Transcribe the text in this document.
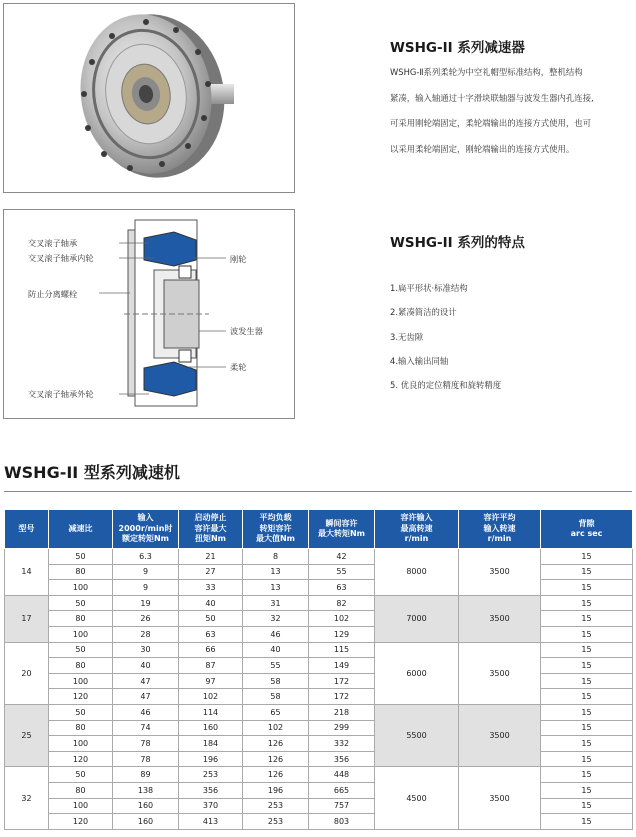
WSHG-II 系列减速器
WSHG-Ⅱ系列柔轮为中空礼帽型标准结构，整机结构
紧凑，输入轴通过十字滑块联轴器与波发生器内孔连接,
可采用刚轮端固定，柔轮端输出的连接方式使用，也可
以采用柔轮端固定，刚轮端输出的连接方式使用。
交叉滚子轴承
交叉滚子轴承内轮
防止分离螺栓
交叉滚子轴承外轮
刚轮
波发生器
柔轮
WSHG-II 系列的特点
1.扁平形状·标准结构
2.紧凑简洁的设计
3.无齿隙
4.输入输出同轴
5. 优良的定位精度和旋转精度
WSHG-II 型系列减速机
型号	减速比	输入
2000r/min时
额定转矩Nm	启动停止
容许最大
扭矩Nm	平均负载
转矩容许
最大值Nm	瞬间容许
最大转矩Nm	容许输入
最高转速
r/min	容许平均
输入转速
r/min	背隙
arc sec
14	50	6.3	21	8	42	8000	3500	15
	80	9	27	13	55			15
	100	9	33	13	63			15
17	50	19	40	31	82	7000	3500	15
	80	26	50	32	102			15
	100	28	63	46	129			15
20	50	30	66	40	115	6000	3500	15
	80	40	87	55	149			15
	100	47	97	58	172			15
	120	47	102	58	172			15
25	50	46	114	65	218	5500	3500	15
	80	74	160	102	299			15
	100	78	184	126	332			15
	120	78	196	126	356			15
32	50	89	253	126	448	4500	3500	15
	80	138	356	196	665			15
	100	160	370	253	757			15
	120	160	413	253	803			15
